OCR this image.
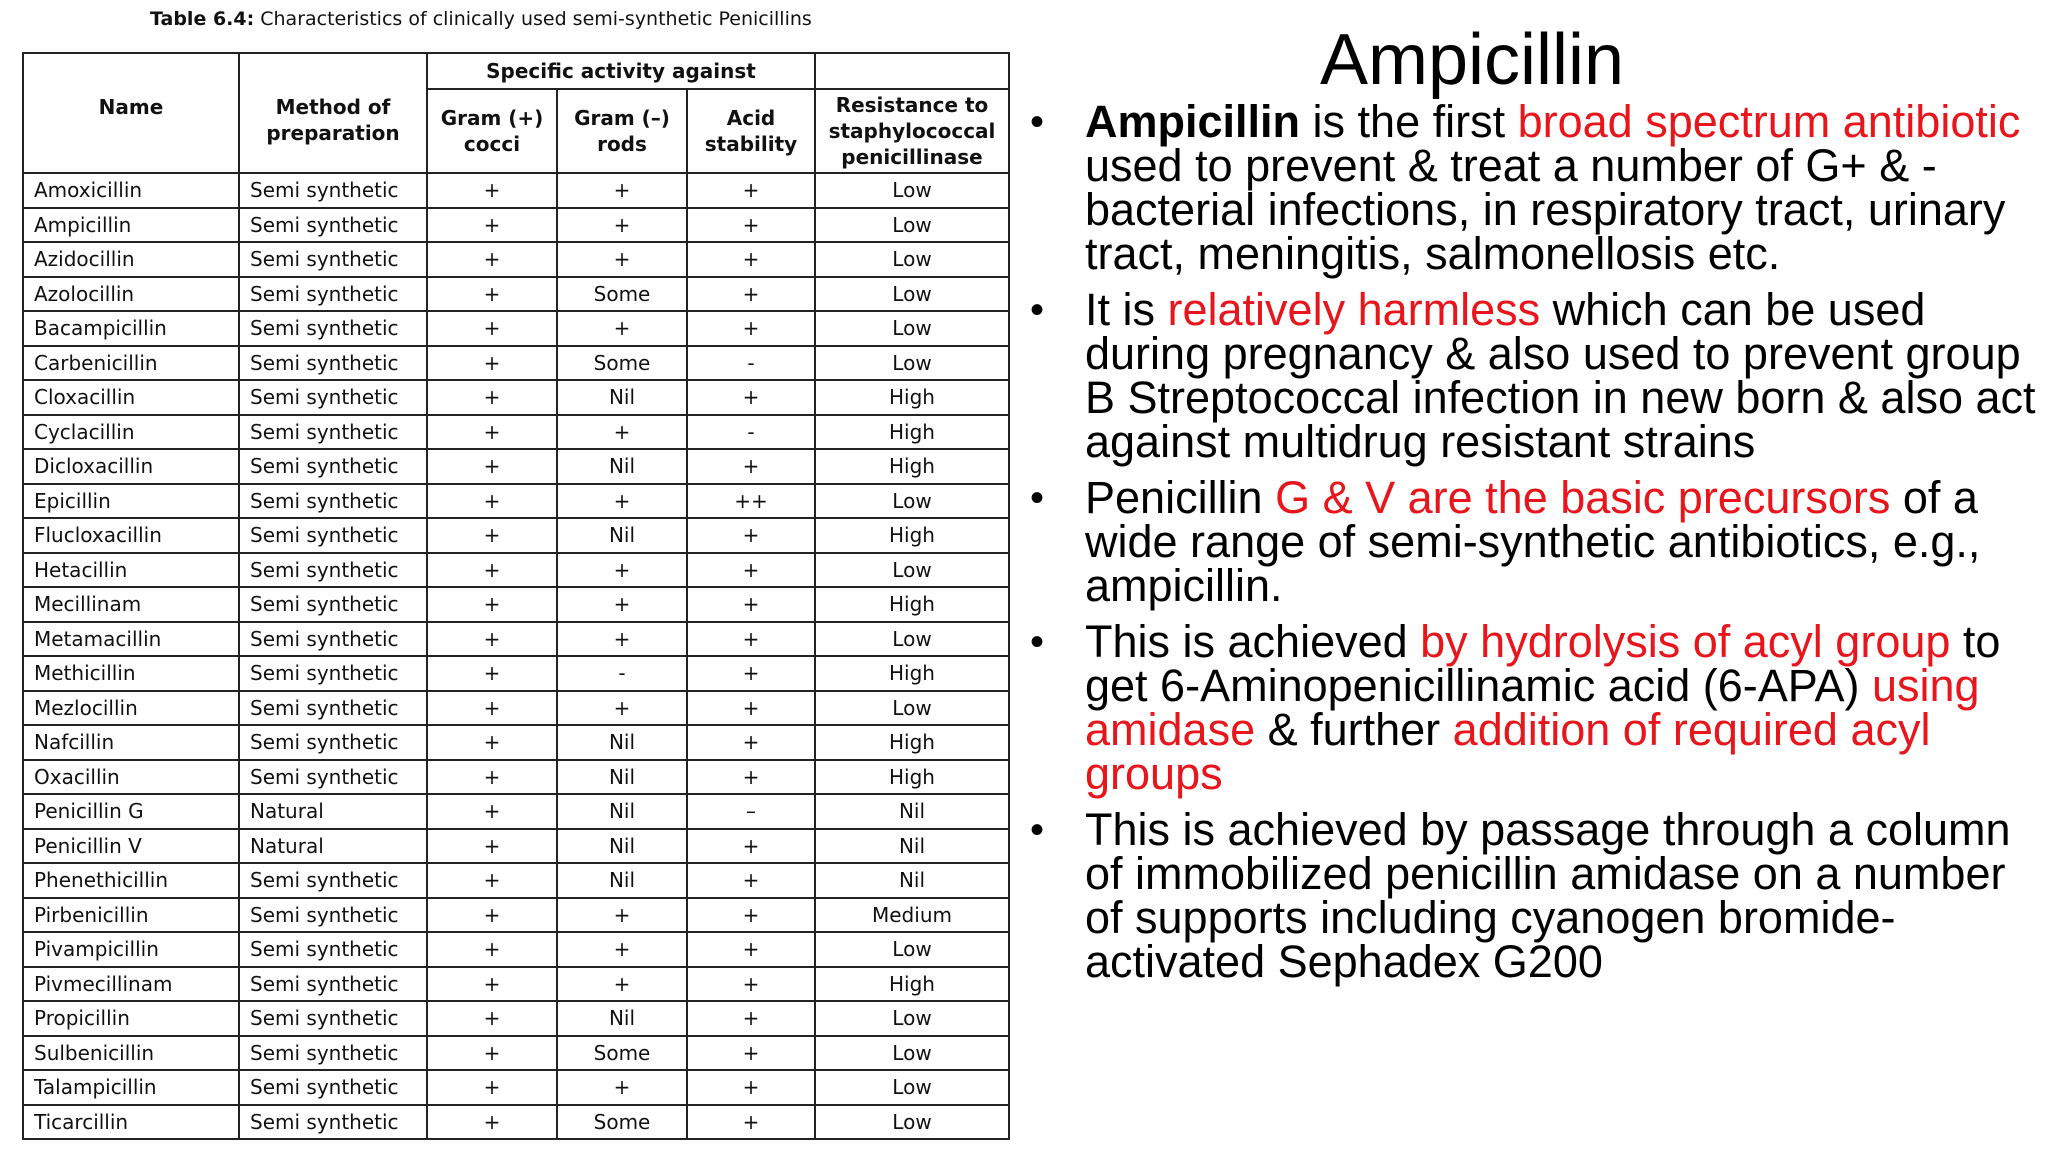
Table 6.4: Characteristics of clinically used semi-synthetic Penicillins
Name	Method of preparation	Specific activity against			
		Gram (+) cocci	Gram (–) rods	Acid stability	Resistance to staphylococcal penicillinase
Amoxicillin	Semi synthetic	+	+	+	Low
Ampicillin	Semi synthetic	+	+	+	Low
Azidocillin	Semi synthetic	+	+	+	Low
Azolocillin	Semi synthetic	+	Some	+	Low
Bacampicillin	Semi synthetic	+	+	+	Low
Carbenicillin	Semi synthetic	+	Some	-	Low
Cloxacillin	Semi synthetic	+	Nil	+	High
Cyclacillin	Semi synthetic	+	+	-	High
Dicloxacillin	Semi synthetic	+	Nil	+	High
Epicillin	Semi synthetic	+	+	++	Low
Flucloxacillin	Semi synthetic	+	Nil	+	High
Hetacillin	Semi synthetic	+	+	+	Low
Mecillinam	Semi synthetic	+	+	+	High
Metamacillin	Semi synthetic	+	+	+	Low
Methicillin	Semi synthetic	+	-	+	High
Mezlocillin	Semi synthetic	+	+	+	Low
Nafcillin	Semi synthetic	+	Nil	+	High
Oxacillin	Semi synthetic	+	Nil	+	High
Penicillin G	Natural	+	Nil	–	Nil
Penicillin V	Natural	+	Nil	+	Nil
Phenethicillin	Semi synthetic	+	Nil	+	Nil
Pirbenicillin	Semi synthetic	+	+	+	Medium
Pivampicillin	Semi synthetic	+	+	+	Low
Pivmecillinam	Semi synthetic	+	+	+	High
Propicillin	Semi synthetic	+	Nil	+	Low
Sulbenicillin	Semi synthetic	+	Some	+	Low
Talampicillin	Semi synthetic	+	+	+	Low
Ticarcillin	Semi synthetic	+	Some	+	Low
Ampicillin
• Ampicillin is the first broad spectrum antibiotic used to prevent & treat a number of G+ & - bacterial infections, in respiratory tract, urinary tract, meningitis, salmonellosis etc.
• It is relatively harmless which can be used during pregnancy & also used to prevent group B Streptococcal infection in new born & also act against multidrug resistant strains
• Penicillin G & V are the basic precursors of a wide range of semi-synthetic antibiotics, e.g., ampicillin.
• This is achieved by hydrolysis of acyl group to get 6-Aminopenicillinamic acid (6-APA) using amidase & further addition of required acyl groups
• This is achieved by passage through a column of immobilized penicillin amidase on a number of supports including cyanogen bromide-activated Sephadex G200
